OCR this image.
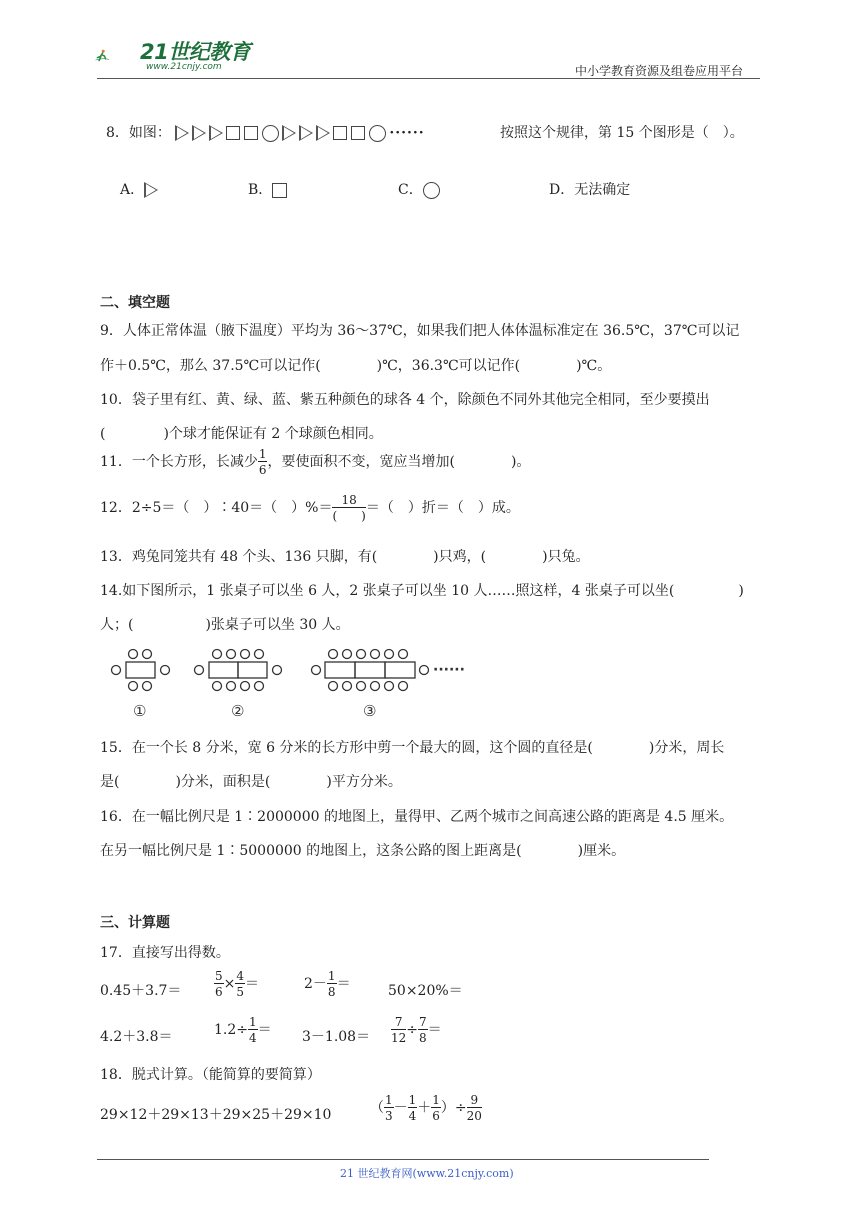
21世纪教育
www.21cnjy.com	中小学教育资源及组卷应用平台
8．如图：	······	按照这个规律，第 15 个图形是（　）。
A．	B．	C．	D．无法确定
二、填空题
9．人体正常体温（腋下温度）平均为 36～37℃，如果我们把人体体温标准定在 36.5℃，37℃可以记
作＋0.5℃，那么 37.5℃可以记作(	)℃，36.3℃可以记作(	)℃。
10．袋子里有红、黄、绿、蓝、紫五种颜色的球各 4 个，除颜色不同外其他完全相同，至少要摸出
(	)个球才能保证有 2 个球颜色相同。
11．一个长方形，长减少 $\frac{1}{6}$ ，要使面积不变，宽应当增加(	)。
12．2÷5＝（　）∶40＝（　）%＝ $\frac{18}{( )}$ ＝（　）折＝（　）成。
13．鸡兔同笼共有 48 个头、136 只脚，有(	)只鸡，(	)只兔。
14.如下图所示，1 张桌子可以坐 6 人，2 张桌子可以坐 10 人……照这样，4 张桌子可以坐(	)
人；(	)张桌子可以坐 30 人。
······
①	②	③
15．在一个长 8 分米，宽 6 分米的长方形中剪一个最大的圆，这个圆的直径是(	)分米，周长
是(	)分米，面积是(	)平方分米。
16．在一幅比例尺是 1∶2000000 的地图上，量得甲、乙两个城市之间高速公路的距离是 4.5 厘米。
在另一幅比例尺是 1∶5000000 的地图上，这条公路的图上距离是(	)厘米。
三、计算题
17．直接写出得数。
0.45＋3.7＝	$\frac{5}{6} \times \frac{4}{5}$ ＝	$2- \frac{1}{8}$ ＝	50×20%＝
4.2＋3.8＝	$1.2\div \frac{1}{4} = 3-1.08= \frac{7}{12} \div \frac{7}{8}$ ＝
18．脱式计算。（能简算的要简算）
29×12＋29×13＋29×25＋29×10	（ $\frac{1}{3} - \frac{1}{4} + \frac{1}{6}$ ）÷ $\frac{9}{20}$
21 世纪教育网(www.21cnjy.com)
